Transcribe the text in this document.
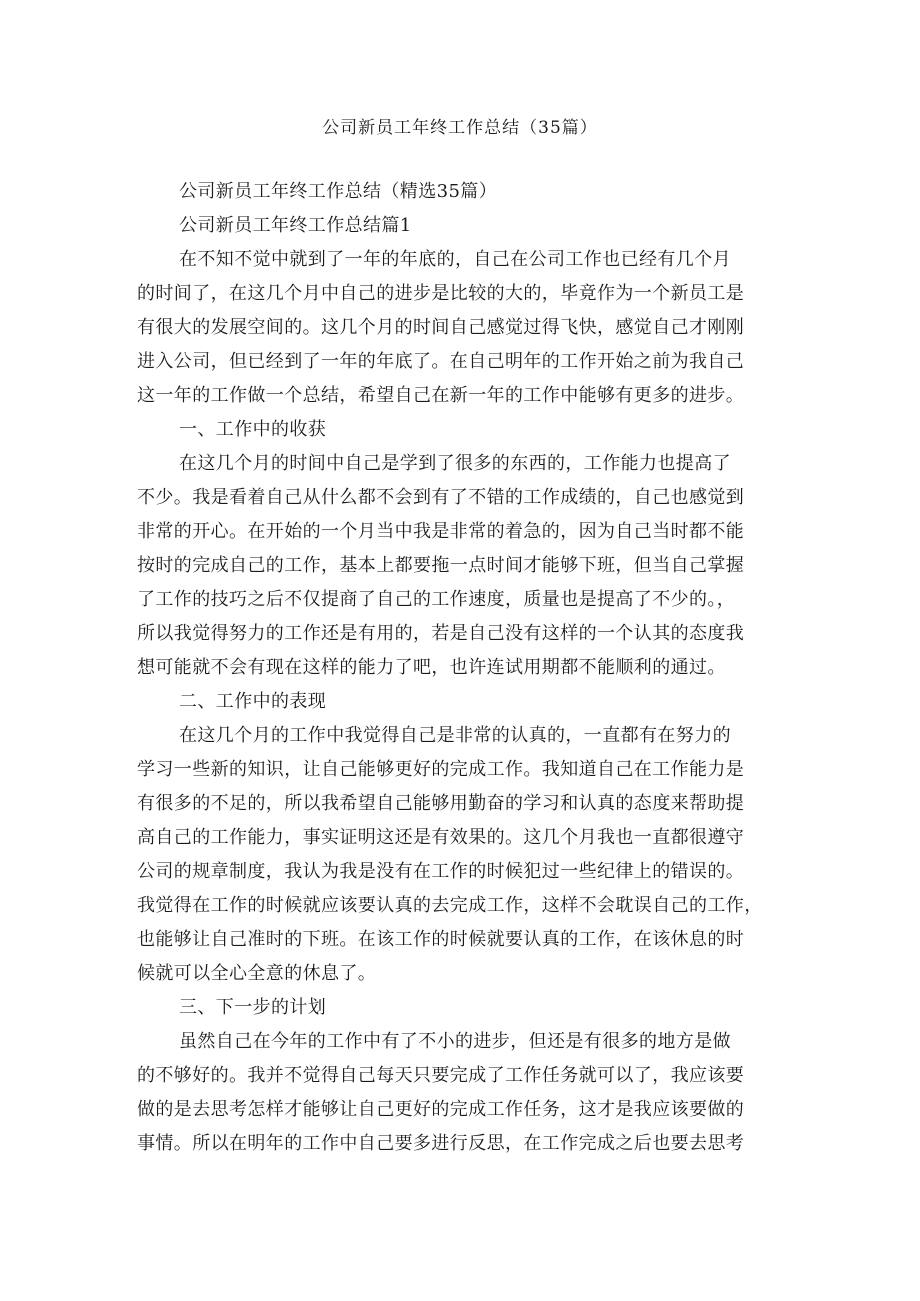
公司新员工年终工作总结（35篇）
公司新员工年终工作总结（精选35篇）
公司新员工年终工作总结篇1
在不知不觉中就到了一年的年底的，自己在公司工作也已经有几个月
的时间了，在这几个月中自己的进步是比较的大的，毕竟作为一个新员工是
有很大的发展空间的。这几个月的时间自己感觉过得飞快，感觉自己才刚刚
进入公司，但已经到了一年的年底了。在自己明年的工作开始之前为我自己
这一年的工作做一个总结，希望自己在新一年的工作中能够有更多的进步。
一、工作中的收获
在这几个月的时间中自己是学到了很多的东西的，工作能力也提高了
不少。我是看着自己从什么都不会到有了不错的工作成绩的，自己也感觉到
非常的开心。在开始的一个月当中我是非常的着急的，因为自己当时都不能
按时的完成自己的工作，基本上都要拖一点时间才能够下班，但当自己掌握
了工作的技巧之后不仅提商了自己的工作速度，质量也是提高了不少的。，
所以我觉得努力的工作还是有用的，若是自己没有这样的一个认其的态度我
想可能就不会有现在这样的能力了吧，也许连试用期都不能顺利的通过。
二、工作中的表现
在这几个月的工作中我觉得自己是非常的认真的，一直都有在努力的
学习一些新的知识，让自己能够更好的完成工作。我知道自己在工作能力是
有很多的不足的，所以我希望自己能够用勤奋的学习和认真的态度来帮助提
高自己的工作能力，事实证明这还是有效果的。这几个月我也一直都很遵守
公司的规章制度，我认为我是没有在工作的时候犯过一些纪律上的错误的。
我觉得在工作的时候就应该要认真的去完成工作，这样不会耽误自己的工作，
也能够让自己准时的下班。在该工作的时候就要认真的工作，在该休息的时
候就可以全心全意的休息了。
三、下一步的计划
虽然自己在今年的工作中有了不小的进步，但还是有很多的地方是做
的不够好的。我并不觉得自己每天只要完成了工作任务就可以了，我应该要
做的是去思考怎样才能够让自己更好的完成工作任务，这才是我应该要做的
事情。所以在明年的工作中自己要多进行反思，在工作完成之后也要去思考
